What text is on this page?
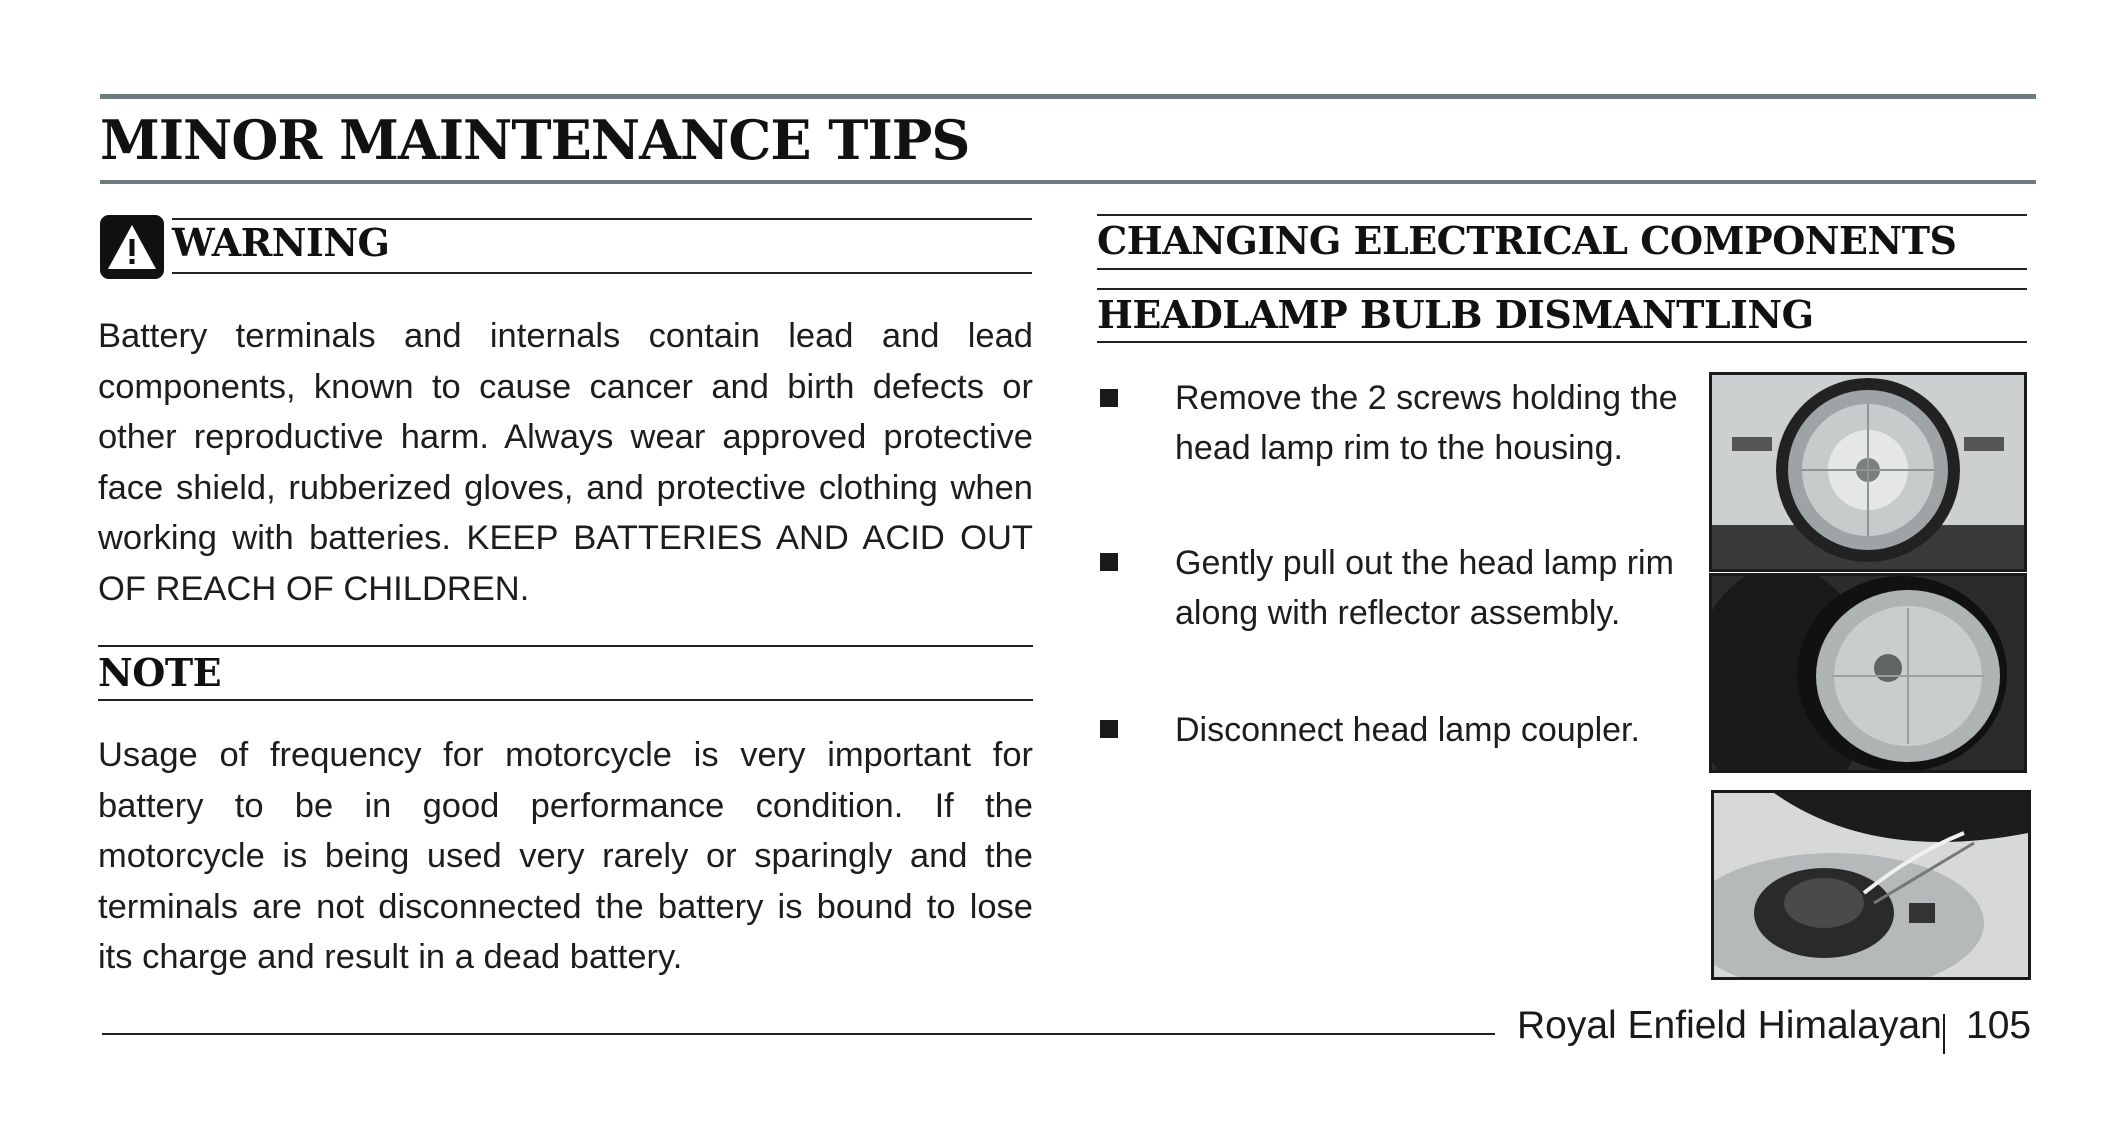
MINOR MAINTENANCE TIPS
WARNING

Battery terminals and internals contain lead and lead components, known to cause cancer and birth defects or other reproductive harm. Always wear approved protective face shield, rubberized gloves, and protective clothing when working with batteries. KEEP BATTERIES AND ACID OUT OF REACH OF CHILDREN.

NOTE

Usage of frequency for motorcycle is very important for battery to be in good performance condition. If the motorcycle is being used very rarely or sparingly and the terminals are not disconnected the battery is bound to lose its charge and result in a dead battery.

CHANGING ELECTRICAL COMPONENTS
HEADLAMP BULB DISMANTLING

Remove the 2 screws holding the
head lamp rim to the housing.

Gently pull out the head lamp rim
along with reflector assembly.

Disconnect head lamp coupler.

Royal Enfield Himalayan 105
